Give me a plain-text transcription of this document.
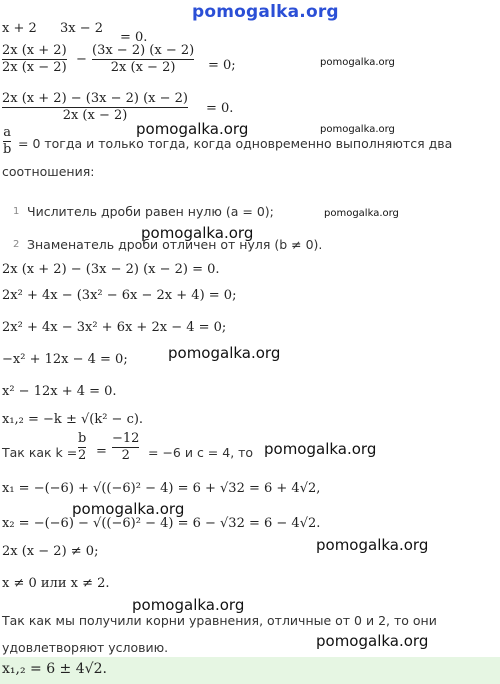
pomogalka.org
x + 2 3x − 2
= 0.
2x (x + 2)
2x (x − 2)
−
(3x − 2) (x − 2)
2x (x − 2)	= 0;	pomogalka.org
2x (x + 2) − (3x − 2) (x − 2)
2x (x − 2)	= 0.
pomogalka.org	pomogalka.org
a
b = 0 тогда и только тогда, когда одновременно выполняются два
соотношения:
1 Числитель дроби равен нулю (a = 0);	pomogalka.org
pomogalka.org
2 Знаменатель дроби отличен от нуля (b ≠ 0).
2x (x + 2) − (3x − 2) (x − 2) = 0.
2x² + 4x − (3x² − 6x − 2x + 4) = 0;
2x² + 4x − 3x² + 6x + 2x − 4 = 0;
pomogalka.org
−x² + 12x − 4 = 0;
x² − 12x + 4 = 0.
x₁,₂ = −k ± √(k² − c).
Так как k =
b
2 =
−12
2 = −6 и c = 4, то pomogalka.org
x₁ = −(−6) + √((−6)² − 4) = 6 + √32 = 6 + 4√2,
pomogalka.org
x₂ = −(−6) − √((−6)² − 4) = 6 − √32 = 6 − 4√2.
pomogalka.org
2x (x − 2) ≠ 0;
x ≠ 0 или x ≠ 2.
pomogalka.org
Так как мы получили корни уравнения, отличные от 0 и 2, то они
pomogalka.org
удовлетворяют условию.
x₁,₂ = 6 ± 4√2.
